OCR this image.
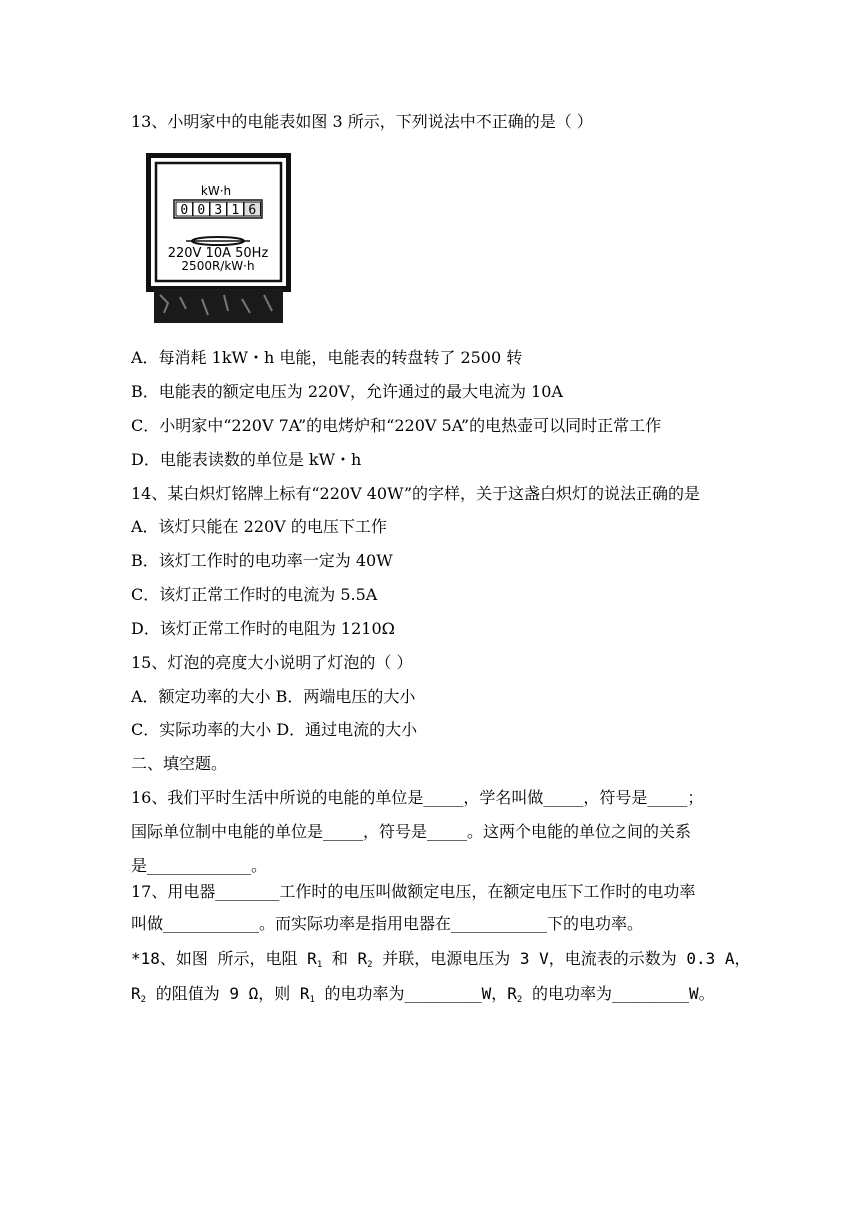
13、小明家中的电能表如图 3 所示，下列说法中不正确的是（ ）
kW·h
0 0 3 1 6
220V 10A 50Hz
2500R/kW·h
A．每消耗 1kW・h 电能，电能表的转盘转了 2500 转
B．电能表的额定电压为 220V，允许通过的最大电流为 10A
C．小明家中“220V 7A”的电烤炉和“220V 5A”的电热壶可以同时正常工作
D．电能表读数的单位是 kW・h
14、某白炽灯铭牌上标有“220V 40W”的字样，关于这盏白炽灯的说法正确的是
A．该灯只能在 220V 的电压下工作
B．该灯工作时的电功率一定为 40W
C．该灯正常工作时的电流为 5.5A
D．该灯正常工作时的电阻为 1210Ω
15、灯泡的亮度大小说明了灯泡的（ ）
A．额定功率的大小 B．两端电压的大小
C．实际功率的大小 D．通过电流的大小
二、填空题。
16、我们平时生活中所说的电能的单位是_____，学名叫做_____，符号是_____；
国际单位制中电能的单位是_____，符号是_____。这两个电能的单位之间的关系
是_____________。
17、用电器________工作时的电压叫做额定电压，在额定电压下工作时的电功率
叫做____________。而实际功率是指用电器在____________下的电功率。
*18、如图 所示，电阻 $R_1$ 和 $R_2$ 并联，电源电压为 3 V，电流表的示数为 0.3 A，
$R_2$ 的阻值为 9 Ω，则 $R_1$ 的电功率为________W，$R_2$ 的电功率为________W。
